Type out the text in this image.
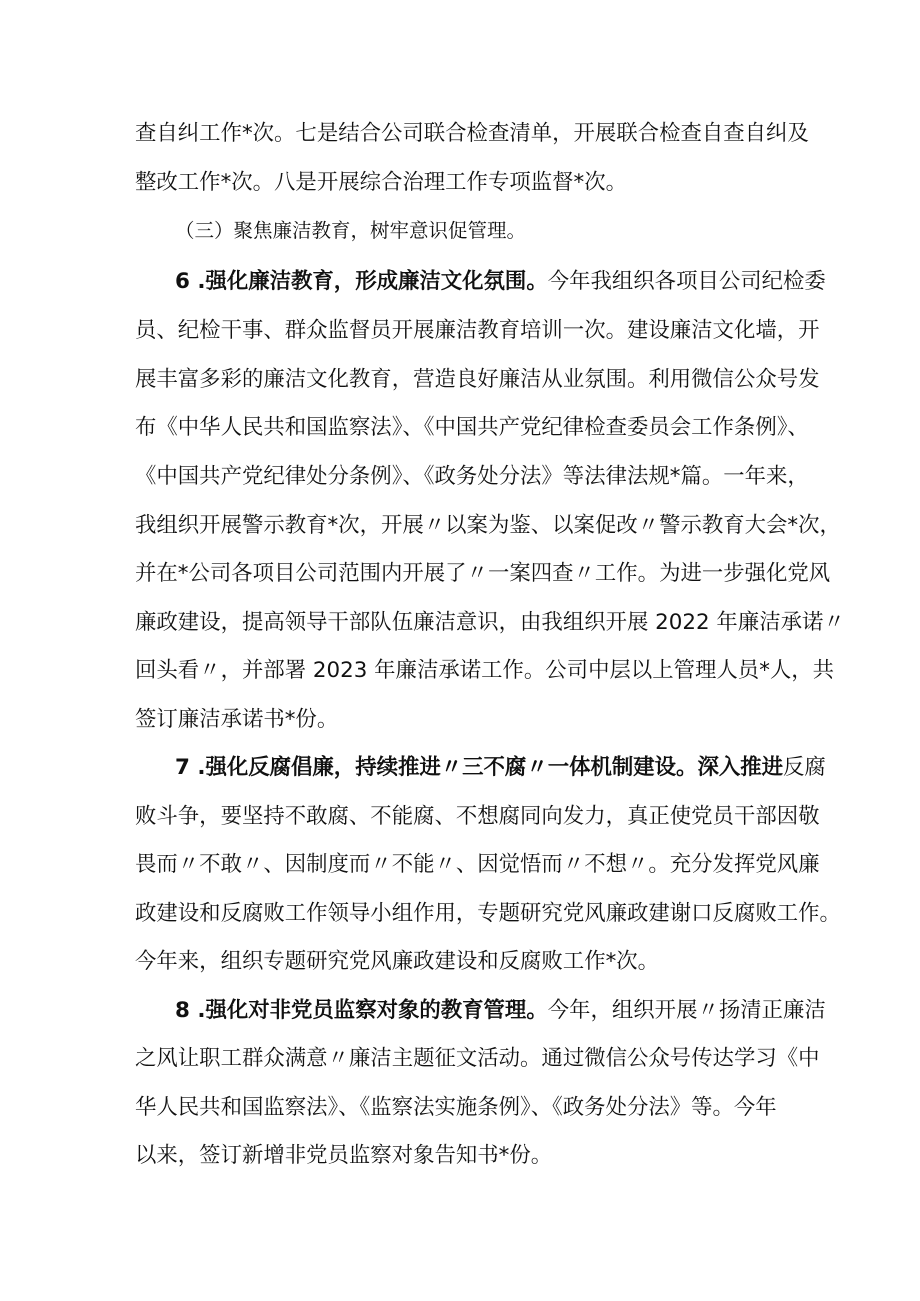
查自纠工作*次。七是结合公司联合检查清单，开展联合检查自查自纠及
整改工作*次。八是开展综合治理工作专项监督*次。
（三）聚焦廉洁教育，树牢意识促管理。
6 .强化廉洁教育，形成廉洁文化氛围。今年我组织各项目公司纪检委
员、纪检干事、群众监督员开展廉洁教育培训一次。建设廉洁文化墙，开
展丰富多彩的廉洁文化教育，营造良好廉洁从业氛围。利用微信公众号发
布《中华人民共和国监察法》、《中国共产党纪律检查委员会工作条例》、
《中国共产党纪律处分条例》、《政务处分法》等法律法规*篇。一年来，
我组织开展警示教育*次，开展〃以案为鉴、以案促改〃警示教育大会*次，
并在*公司各项目公司范围内开展了〃一案四查〃工作。为进一步强化党风
廉政建设，提高领导干部队伍廉洁意识，由我组织开展 2022 年廉洁承诺〃
回头看〃，并部署 2023 年廉洁承诺工作。公司中层以上管理人员*人，共
签订廉洁承诺书*份。
7 .强化反腐倡廉，持续推进〃三不腐〃一体机制建设。深入推进反腐
败斗争，要坚持不敢腐、不能腐、不想腐同向发力，真正使党员干部因敬
畏而〃不敢〃、因制度而〃不能〃、因觉悟而〃不想〃。充分发挥党风廉
政建设和反腐败工作领导小组作用，专题研究党风廉政建谢口反腐败工作。
今年来，组织专题研究党风廉政建设和反腐败工作*次。
8 .强化对非党员监察对象的教育管理。今年，组织开展〃扬清正廉洁
之风让职工群众满意〃廉洁主题征文活动。通过微信公众号传达学习《中
华人民共和国监察法》、《监察法实施条例》、《政务处分法》等。今年
以来，签订新增非党员监察对象告知书*份。
